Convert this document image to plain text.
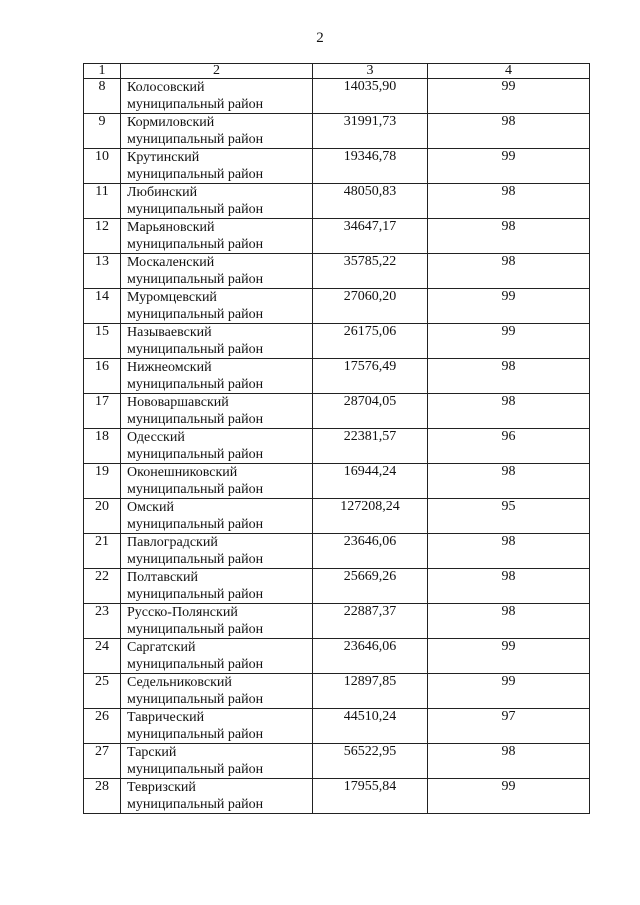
2
1	2	3	4
8	Колосовский
муниципальный район	14035,90	99
9	Кормиловский
муниципальный район	31991,73	98
10	Крутинский
муниципальный район	19346,78	99
11	Любинский
муниципальный район	48050,83	98
12	Марьяновский
муниципальный район	34647,17	98
13	Москаленский
муниципальный район	35785,22	98
14	Муромцевский
муниципальный район	27060,20	99
15	Называевский
муниципальный район	26175,06	99
16	Нижнеомский
муниципальный район	17576,49	98
17	Нововаршавский
муниципальный район	28704,05	98
18	Одесский
муниципальный район	22381,57	96
19	Оконешниковский
муниципальный район	16944,24	98
20	Омский
муниципальный район	127208,24	95
21	Павлоградский
муниципальный район	23646,06	98
22	Полтавский
муниципальный район	25669,26	98
23	Русско-Полянский
муниципальный район	22887,37	98
24	Саргатский
муниципальный район	23646,06	99
25	Седельниковский
муниципальный район	12897,85	99
26	Таврический
муниципальный район	44510,24	97
27	Тарский
муниципальный район	56522,95	98
28	Тевризский
муниципальный район	17955,84	99
